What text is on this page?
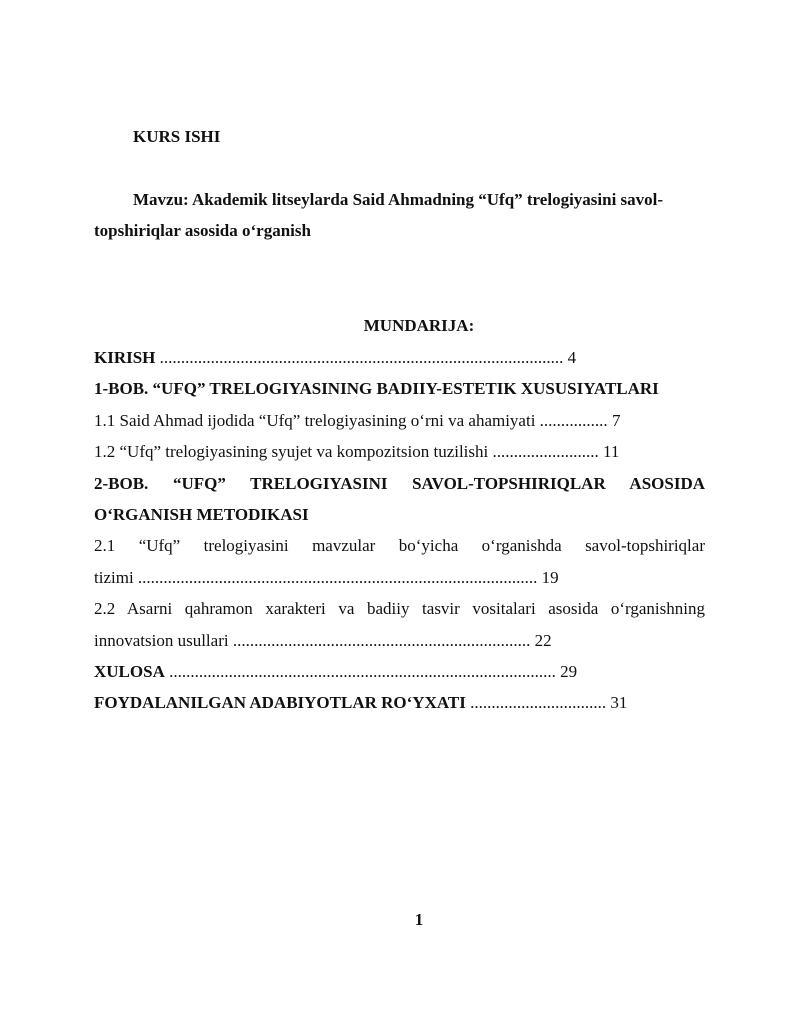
KURS ISHI
Mavzu: Akademik litseylarda Said Ahmadning “Ufq” trelogiyasini savol-
topshiriqlar asosida o‘rganish
MUNDARIJA:
KIRISH ............................................................................................... 4
1-BOB. “UFQ” TRELOGIYASINING BADIIY-ESTETIK XUSUSIYATLARI
1.1 Said Ahmad ijodida “Ufq” trelogiyasining o‘rni va ahamiyati ................ 7
1.2 “Ufq” trelogiyasining syujet va kompozitsion tuzilishi ......................... 11
2-BOB. “UFQ” TRELOGIYASINI SAVOL-TOPSHIRIQLAR ASOSIDA
O‘RGANISH METODIKASI
2.1 “Ufq” trelogiyasini mavzular bo‘yicha o‘rganishda savol-topshiriqlar
tizimi .............................................................................................. 19
2.2 Asarni qahramon xarakteri va badiiy tasvir vositalari asosida o‘rganishning
innovatsion usullari ...................................................................... 22
XULOSA ........................................................................................... 29
FOYDALANILGAN ADABIYOTLAR RO‘YXATI ................................ 31
1
